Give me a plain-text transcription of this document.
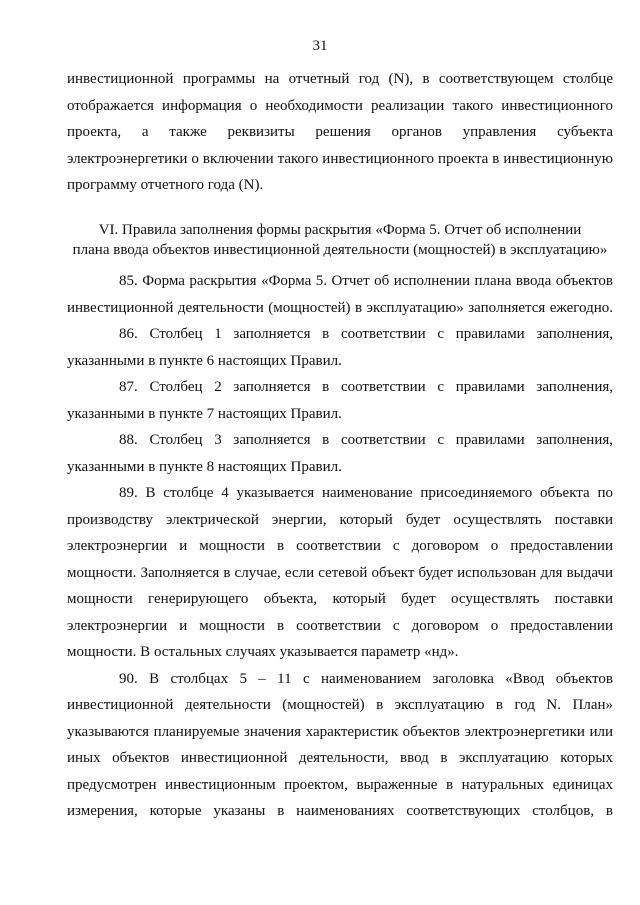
31
инвестиционной программы на отчетный год (N), в соответствующем столбце
отображается информация о необходимости реализации такого инвестиционного
проекта, а также реквизиты решения органов управления субъекта
электроэнергетики о включении такого инвестиционного проекта в инвестиционную
программу отчетного года (N).
VI. Правила заполнения формы раскрытия «Форма 5. Отчет об исполнении
плана ввода объектов инвестиционной деятельности (мощностей) в эксплуатацию»
85. Форма раскрытия «Форма 5. Отчет об исполнении плана ввода объектов
инвестиционной деятельности (мощностей) в эксплуатацию» заполняется ежегодно.
86. Столбец 1 заполняется в соответствии с правилами заполнения,
указанными в пункте 6 настоящих Правил.
87. Столбец 2 заполняется в соответствии с правилами заполнения,
указанными в пункте 7 настоящих Правил.
88. Столбец 3 заполняется в соответствии с правилами заполнения,
указанными в пункте 8 настоящих Правил.
89. В столбце 4 указывается наименование присоединяемого объекта по
производству электрической энергии, который будет осуществлять поставки
электроэнергии и мощности в соответствии с договором о предоставлении
мощности. Заполняется в случае, если сетевой объект будет использован для выдачи
мощности генерирующего объекта, который будет осуществлять поставки
электроэнергии и мощности в соответствии с договором о предоставлении
мощности. В остальных случаях указывается параметр «нд».
90. В столбцах 5 – 11 с наименованием заголовка «Ввод объектов
инвестиционной деятельности (мощностей) в эксплуатацию в год N. План»
указываются планируемые значения характеристик объектов электроэнергетики или
иных объектов инвестиционной деятельности, ввод в эксплуатацию которых
предусмотрен инвестиционным проектом, выраженные в натуральных единицах
измерения, которые указаны в наименованиях соответствующих столбцов, в
